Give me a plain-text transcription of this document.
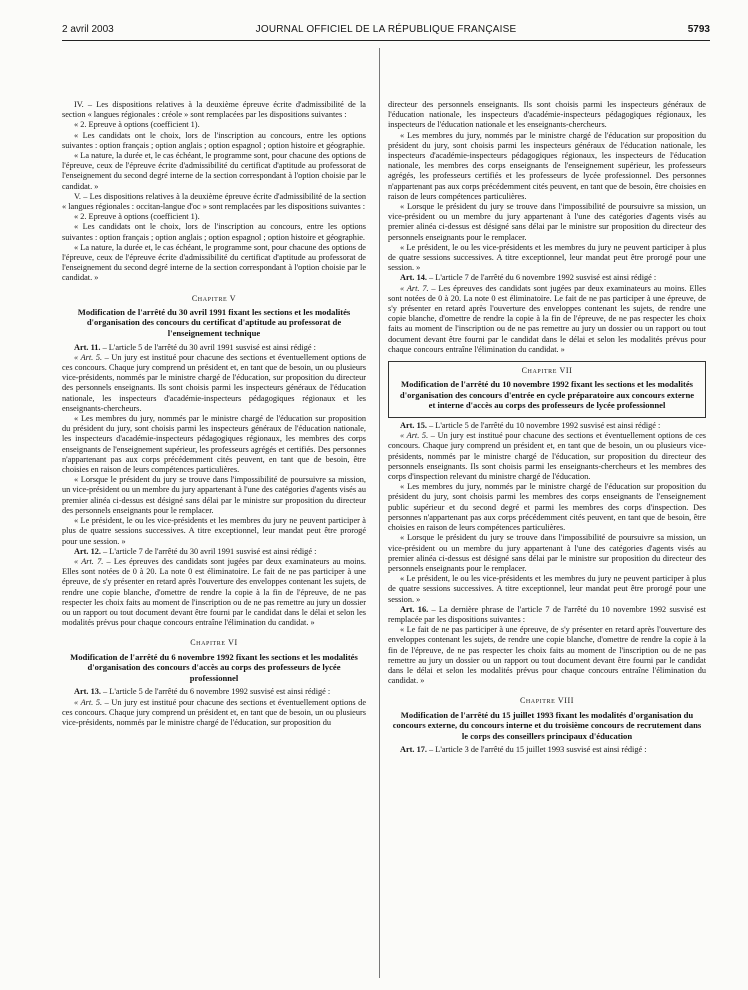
2 avril 2003	JOURNAL OFFICIEL DE LA RÉPUBLIQUE FRANÇAISE	5793

IV. – Les dispositions relatives à la deuxième épreuve écrite d'admissibilité de la section « langues régionales : créole » sont remplacées par les dispositions suivantes :

« 2. Epreuve à options (coefficient 1).

« Les candidats ont le choix, lors de l'inscription au concours, entre les options suivantes : option français ; option anglais ; option espagnol ; option histoire et géographie.

« La nature, la durée et, le cas échéant, le programme sont, pour chacune des options de l'épreuve, ceux de l'épreuve écrite d'admissibilité du certificat d'aptitude au professorat de l'enseignement du second degré interne de la section correspondant à l'option choisie par le candidat. »

V. – Les dispositions relatives à la deuxième épreuve écrite d'admissibilité de la section « langues régionales : occitan-langue d'oc » sont remplacées par les dispositions suivantes :

« 2. Epreuve à options (coefficient 1).

« Les candidats ont le choix, lors de l'inscription au concours, entre les options suivantes : option français ; option anglais ; option espagnol ; option histoire et géographie.

« La nature, la durée et, le cas échéant, le programme sont, pour chacune des options de l'épreuve, ceux de l'épreuve écrite d'admissibilité du certificat d'aptitude au professorat de l'enseignement du second degré interne de la section correspondant à l'option choisie par le candidat. »

Chapitre V
Modification de l'arrêté du 30 avril 1991 fixant les sections et les modalités d'organisation des concours du certificat d'aptitude au professorat de l'enseignement technique

Art. 11. – L'article 5 de l'arrêté du 30 avril 1991 susvisé est ainsi rédigé :

« Art. 5. – Un jury est institué pour chacune des sections et éventuellement options de ces concours. Chaque jury comprend un président et, en tant que de besoin, un ou plusieurs vice-présidents, nommés par le ministre chargé de l'éducation, sur proposition du directeur des personnels enseignants. Ils sont choisis parmi les inspecteurs généraux de l'éducation nationale, les inspecteurs d'académie-inspecteurs pédagogiques régionaux et les enseignants-chercheurs.

« Les membres du jury, nommés par le ministre chargé de l'éducation sur proposition du président du jury, sont choisis parmi les inspecteurs généraux de l'éducation nationale, les inspecteurs d'académie-inspecteurs pédagogiques régionaux, les membres des corps enseignants de l'enseignement supérieur, les professeurs agrégés et certifiés. Des personnes n'appartenant pas aux corps précédemment cités peuvent, en tant que de besoin, être choisies en raison de leurs compétences particulières.

« Lorsque le président du jury se trouve dans l'impossibilité de poursuivre sa mission, un vice-président ou un membre du jury appartenant à l'une des catégories d'agents visés au premier alinéa ci-dessus est désigné sans délai par le ministre sur proposition du directeur des personnels enseignants pour le remplacer.

« Le président, le ou les vice-présidents et les membres du jury ne peuvent participer à plus de quatre sessions successives. A titre exceptionnel, leur mandat peut être prorogé pour une session. »

Art. 12. – L'article 7 de l'arrêté du 30 avril 1991 susvisé est ainsi rédigé :

« Art. 7. – Les épreuves des candidats sont jugées par deux examinateurs au moins. Elles sont notées de 0 à 20. La note 0 est éliminatoire. Le fait de ne pas participer à une épreuve, de s'y présenter en retard après l'ouverture des enveloppes contenant les sujets, de rendre une copie blanche, d'omettre de rendre la copie à la fin de l'épreuve, de ne pas respecter les choix faits au moment de l'inscription ou de ne pas remettre au jury un dossier ou un rapport ou tout document devant être fourni par le candidat dans le délai et selon les modalités prévus pour chaque concours entraîne l'élimination du candidat. »

Chapitre VI
Modification de l'arrêté du 6 novembre 1992 fixant les sections et les modalités d'organisation des concours d'accès au corps des professeurs de lycée professionnel

Art. 13. – L'article 5 de l'arrêté du 6 novembre 1992 susvisé est ainsi rédigé :

« Art. 5. – Un jury est institué pour chacune des sections et éventuellement options de ces concours. Chaque jury comprend un président et, en tant que de besoin, un ou plusieurs vice-présidents, nommés par le ministre chargé de l'éducation, sur proposition du

directeur des personnels enseignants. Ils sont choisis parmi les inspecteurs généraux de l'éducation nationale, les inspecteurs d'académie-inspecteurs pédagogiques régionaux, les inspecteurs de l'éducation nationale et les enseignants-chercheurs.

« Les membres du jury, nommés par le ministre chargé de l'éducation sur proposition du président du jury, sont choisis parmi les inspecteurs généraux de l'éducation nationale, les inspecteurs d'académie-inspecteurs pédagogiques régionaux, les inspecteurs de l'éducation nationale, les membres des corps enseignants de l'enseignement supérieur, les professeurs agrégés, les professeurs certifiés et les professeurs de lycée professionnel. Des personnes n'appartenant pas aux corps précédemment cités peuvent, en tant que de besoin, être choisies en raison de leurs compétences particulières.

« Lorsque le président du jury se trouve dans l'impossibilité de poursuivre sa mission, un vice-président ou un membre du jury appartenant à l'une des catégories d'agents visés au premier alinéa ci-dessus est désigné sans délai par le ministre sur proposition du directeur des personnels enseignants pour le remplacer.

« Le président, le ou les vice-présidents et les membres du jury ne peuvent participer à plus de quatre sessions successives. A titre exceptionnel, leur mandat peut être prorogé pour une session. »

Art. 14. – L'article 7 de l'arrêté du 6 novembre 1992 susvisé est ainsi rédigé :

« Art. 7. – Les épreuves des candidats sont jugées par deux examinateurs au moins. Elles sont notées de 0 à 20. La note 0 est éliminatoire. Le fait de ne pas participer à une épreuve, de s'y présenter en retard après l'ouverture des enveloppes contenant les sujets, de rendre une copie blanche, d'omettre de rendre la copie à la fin de l'épreuve, de ne pas respecter les choix faits au moment de l'inscription ou de ne pas remettre au jury un dossier ou un rapport ou tout document devant être fourni par le candidat dans le délai et selon les modalités prévus pour chaque concours entraîne l'élimination du candidat. »

Chapitre VII
Modification de l'arrêté du 10 novembre 1992 fixant les sections et les modalités d'organisation des concours d'entrée en cycle préparatoire aux concours externe et interne d'accès au corps des professeurs de lycée professionnel

Art. 15. – L'article 5 de l'arrêté du 10 novembre 1992 susvisé est ainsi rédigé :

« Art. 5. – Un jury est institué pour chacune des sections et éventuellement options de ces concours. Chaque jury comprend un président et, en tant que de besoin, un ou plusieurs vice-présidents, nommés par le ministre chargé de l'éducation, sur proposition du directeur des personnels enseignants. Ils sont choisis parmi les enseignants-chercheurs et les membres des corps d'inspection relevant du ministre chargé de l'éducation.

« Les membres du jury, nommés par le ministre chargé de l'éducation sur proposition du président du jury, sont choisis parmi les membres des corps enseignants de l'enseignement public supérieur et du second degré et parmi les membres des corps d'inspection. Des personnes n'appartenant pas aux corps précédemment cités peuvent, en tant que de besoin, être choisies en raison de leurs compétences particulières.

« Lorsque le président du jury se trouve dans l'impossibilité de poursuivre sa mission, un vice-président ou un membre du jury appartenant à l'une des catégories d'agents visés au premier alinéa ci-dessus est désigné sans délai par le ministre sur proposition du directeur des personnels enseignants pour le remplacer.

« Le président, le ou les vice-présidents et les membres du jury ne peuvent participer à plus de quatre sessions successives. A titre exceptionnel, leur mandat peut être prorogé pour une session. »

Art. 16. – La dernière phrase de l'article 7 de l'arrêté du 10 novembre 1992 susvisé est remplacée par les dispositions suivantes :

« Le fait de ne pas participer à une épreuve, de s'y présenter en retard après l'ouverture des enveloppes contenant les sujets, de rendre une copie blanche, d'omettre de rendre la copie à la fin de l'épreuve, de ne pas respecter les choix faits au moment de l'inscription ou de ne pas remettre au jury un dossier ou un rapport ou tout document devant être fourni par le candidat dans le délai et selon les modalités prévus pour chaque concours entraîne l'élimination du candidat. »

Chapitre VIII
Modification de l'arrêté du 15 juillet 1993 fixant les modalités d'organisation du concours externe, du concours interne et du troisième concours de recrutement dans le corps des conseillers principaux d'éducation

Art. 17. – L'article 3 de l'arrêté du 15 juillet 1993 susvisé est ainsi rédigé :
